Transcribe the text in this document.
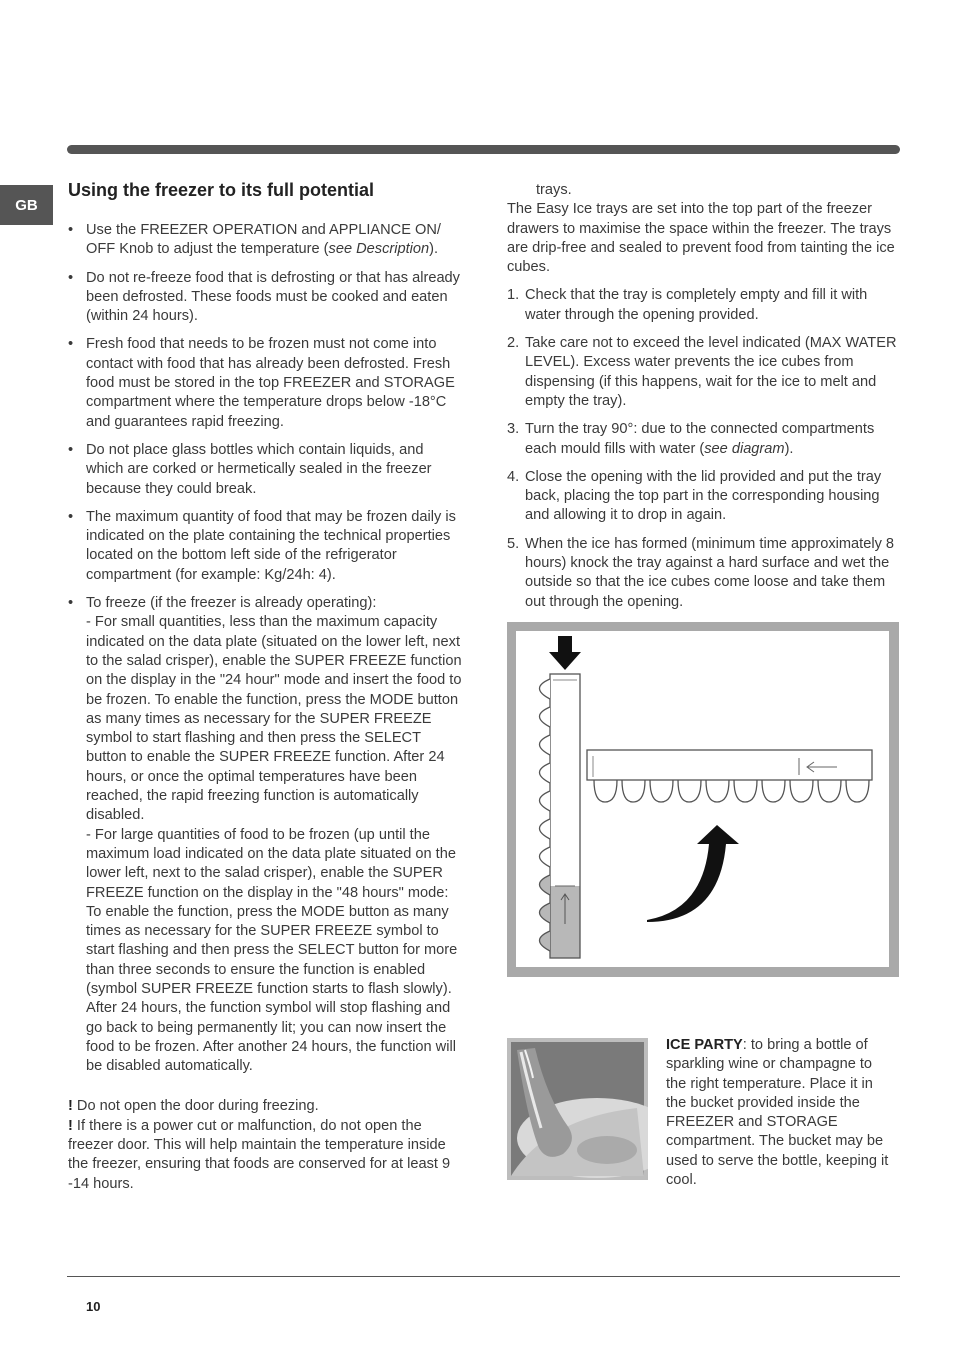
GB
Using the freezer to its full potential
• Use the FREEZER OPERATION and APPLIANCE ON/ OFF Knob to adjust the temperature (see Description).
• Do not re-freeze food that is defrosting or that has already been defrosted. These foods must be cooked and eaten (within 24 hours).
• Fresh food that needs to be frozen must not come into contact with food that has already been defrosted. Fresh food must be stored in the top FREEZER and STORAGE compartment where the temperature drops below -18°C and guarantees rapid freezing.
• Do not place glass bottles which contain liquids, and which are corked or hermetically sealed in the freezer because they could break.
• The maximum quantity of food that may be frozen daily is indicated on the plate containing the technical properties located on the bottom left side of the refrigerator compartment (for example: Kg/24h: 4).

• To freeze (if the freezer is already operating):

- For small quantities, less than the maximum capacity indicated on the data plate (situated on the lower left, next to the salad crisper), enable the SUPER FREEZE function on the display in the "24 hour" mode and insert the food to be frozen. To enable the function, press the MODE button as many times as necessary for the SUPER FREEZE symbol to start flashing and then press the SELECT button to enable the SUPER FREEZE function. After 24 hours, or once the optimal temperatures have been reached, the rapid freezing function is automatically disabled.

- For large quantities of food to be frozen (up until the maximum load indicated on the data plate situated on the lower left, next to the salad crisper), enable the SUPER FREEZE function on the display in the "48 hours" mode: To enable the function, press the MODE button as many times as necessary for the SUPER FREEZE symbol to start flashing and then press the SELECT button for more than three seconds to ensure the function is enabled (symbol SUPER FREEZE function starts to flash slowly). After 24 hours, the function symbol will stop flashing and go back to being permanently lit; you can now insert the food to be frozen. After another 24 hours, the function will be disabled automatically.

! Do not open the door during freezing.

! If there is a power cut or malfunction, do not open the freezer door. This will help maintain the temperature inside the freezer, ensuring that foods are conserved for at least 9 -14 hours.

trays.

The Easy Ice trays are set into the top part of the freezer drawers to maximise the space within the freezer. The trays are drip-free and sealed to prevent food from tainting the ice cubes.

1. Check that the tray is completely empty and fill it with water through the opening provided.
2. Take care not to exceed the level indicated (MAX WATER LEVEL). Excess water prevents the ice cubes from dispensing (if this happens, wait for the ice to melt and empty the tray).
3. Turn the tray 90°: due to the connected compartments each mould fills with water (see diagram).
4. Close the opening with the lid provided and put the tray back, placing the top part in the corresponding housing and allowing it to drop in again.
5. When the ice has formed (minimum time approximately 8 hours) knock the tray against a hard surface and wet the outside so that the ice cubes come loose and take them out through the opening.

ICE PARTY: to bring a bottle of sparkling wine or champagne to the right temperature. Place it in the bucket provided inside the FREEZER and STORAGE compartment. The bucket may be used to serve the bottle, keeping it cool.

10
